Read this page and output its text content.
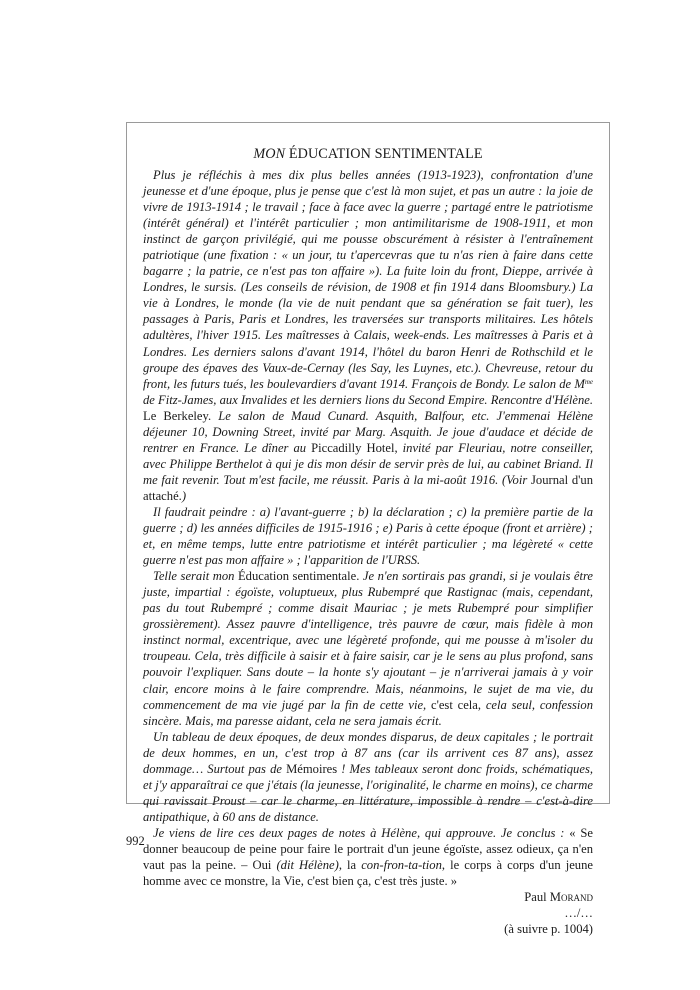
MON ÉDUCATION SENTIMENTALE

Plus je réfléchis à mes dix plus belles années (1913-1923), confrontation d'une jeunesse et d'une époque, plus je pense que c'est là mon sujet, et pas un autre : la joie de vivre de 1913-1914 ; le travail ; face à face avec la guerre ; partagé entre le patriotisme (intérêt général) et l'intérêt particulier ; mon antimilitarisme de 1908-1911, et mon instinct de garçon privilégié, qui me pousse obscurément à résister à l'entraînement patriotique (une fixation : « un jour, tu t'apercevras que tu n'as rien à faire dans cette bagarre ; la patrie, ce n'est pas ton affaire »). La fuite loin du front, Dieppe, arrivée à Londres, le sursis. (Les conseils de révision, de 1908 et fin 1914 dans Bloomsbury.) La vie à Londres, le monde (la vie de nuit pendant que sa génération se fait tuer), les passages à Paris, Paris et Londres, les traversées sur transports militaires. Les hôtels adultères, l'hiver 1915. Les maîtresses à Calais, week-ends. Les maîtresses à Paris et à Londres. Les derniers salons d'avant 1914, l'hôtel du baron Henri de Rothschild et le groupe des épaves des Vaux-de-Cernay (les Say, les Luynes, etc.). Chevreuse, retour du front, les futurs tués, les boulevardiers d'avant 1914. François de Bondy. Le salon de $M^{me}$ de Fitz-James, aux Invalides et les derniers lions du Second Empire. Rencontre d'Hélène. Le Berkeley. Le salon de Maud Cunard. Asquith, Balfour, etc. J'emmenai Hélène déjeuner 10, Downing Street, invité par Marg. Asquith. Je joue d'audace et décide de rentrer en France. Le dîner au Piccadilly Hotel, invité par Fleuriau, notre conseiller, avec Philippe Berthelot à qui je dis mon désir de servir près de lui, au cabinet Briand. Il me fait revenir. Tout m'est facile, me réussit. Paris à la mi-août 1916. (Voir Journal d'un attaché.)

Il faudrait peindre : a) l'avant-guerre ; b) la déclaration ; c) la première partie de la guerre ; d) les années difficiles de 1915-1916 ; e) Paris à cette époque (front et arrière) ; et, en même temps, lutte entre patriotisme et intérêt particulier ; ma légèreté « cette guerre n'est pas mon affaire » ; l'apparition de l'URSS.

Telle serait mon Éducation sentimentale. Je n'en sortirais pas grandi, si je voulais être juste, impartial : égoïste, voluptueux, plus Rubempré que Rastignac (mais, cependant, pas du tout Rubempré ; comme disait Mauriac ; je mets Rubempré pour simplifier grossièrement). Assez pauvre d'intelligence, très pauvre de cœur, mais fidèle à mon instinct normal, excentrique, avec une légèreté profonde, qui me pousse à m'isoler du troupeau. Cela, très difficile à saisir et à faire saisir, car je le sens au plus profond, sans pouvoir l'expliquer. Sans doute – la honte s'y ajoutant – je n'arriverai jamais à y voir clair, encore moins à le faire comprendre. Mais, néanmoins, le sujet de ma vie, du commencement de ma vie jugé par la fin de cette vie, c'est cela, cela seul, confession sincère. Mais, ma paresse aidant, cela ne sera jamais écrit.

Un tableau de deux époques, de deux mondes disparus, de deux capitales ; le portrait de deux hommes, en un, c'est trop à 87 ans (car ils arrivent ces 87 ans), assez dommage… Surtout pas de Mémoires ! Mes tableaux seront donc froids, schématiques, et j'y apparaîtrai ce que j'étais (la jeunesse, l'originalité, le charme en moins), ce charme qui ravissait Proust – car le charme, en littérature, impossible à rendre – c'est-à-dire antipathique, à 60 ans de distance.

Je viens de lire ces deux pages de notes à Hélène, qui approuve. Je conclus : « Se donner beaucoup de peine pour faire le portrait d'un jeune égoïste, assez odieux, ça n'en vaut pas la peine. – Oui (dit Hélène), la con-fron-ta-tion, le corps à corps d'un jeune homme avec ce monstre, la Vie, c'est bien ça, c'est très juste. »

Paul Morand

…/…

(à suivre p. 1004)

992
